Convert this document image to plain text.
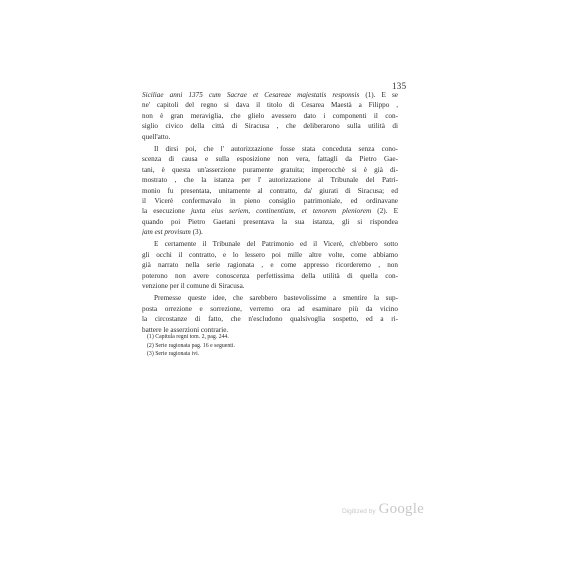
135
Siciliae anni 1375 cum Sacrae et Cesareae majestatis responsis (1). E se
ne' capitoli del regno si dava il titolo di Cesarea Maestà a Filippo ,
non è gran meraviglia, che glielo avessero dato i componenti il con-
siglio civico della città di Siracusa , che deliberarono sulla utilità di
quell'atto.
Il dirsi poi, che l' autorizzazione fosse stata conceduta senza cono-
scenza di causa e sulla esposizione non vera, fattagli da Pietro Gae-
tani, è questa un'asserzione puramente gratuita; imperocchè si è già di-
mostrato , che la istanza per l' autorizzazione al Tribunale del Patri-
monio fu presentata, unitamente al contratto, da' giurati di Siracusa; ed
il Vicerè confermavalo in pieno consiglio patrimoniale, ed ordinavane
la esecuzione juxta eius seriem, continentiam, et tenorem pleniorem (2). E
quando poi Pietro Gaetani presentava la sua istanza, gli si rispondea
jam est provisum (3).
E certamente il Tribunale del Patrimonio ed il Vicerè, ch'ebbero sotto
gli occhi il contratto, e lo lessero poi mille altre volte, come abbiamo
già narrato nella serie ragionata , e come appresso ricorderemo , non
poterono non avere conoscenza perfettissima della utilità di quella con-
venzione per il comune di Siracusa.
Premesse queste idee, che sarebbero bastevolissime a smentire la sup-
posta orrezione e sorrezione, verremo ora ad esaminare più da vicino
la circostanze di fatto, che n'escludono qualsivoglia sospetto, ed a ri-
battere le asserzioni contrarie.
(1) Capitula regni tom. 2, pag. 244.
(2) Serie ragionata pag. 16 e seguenti.
(3) Serie ragionata ivi.
Digitized by Google
